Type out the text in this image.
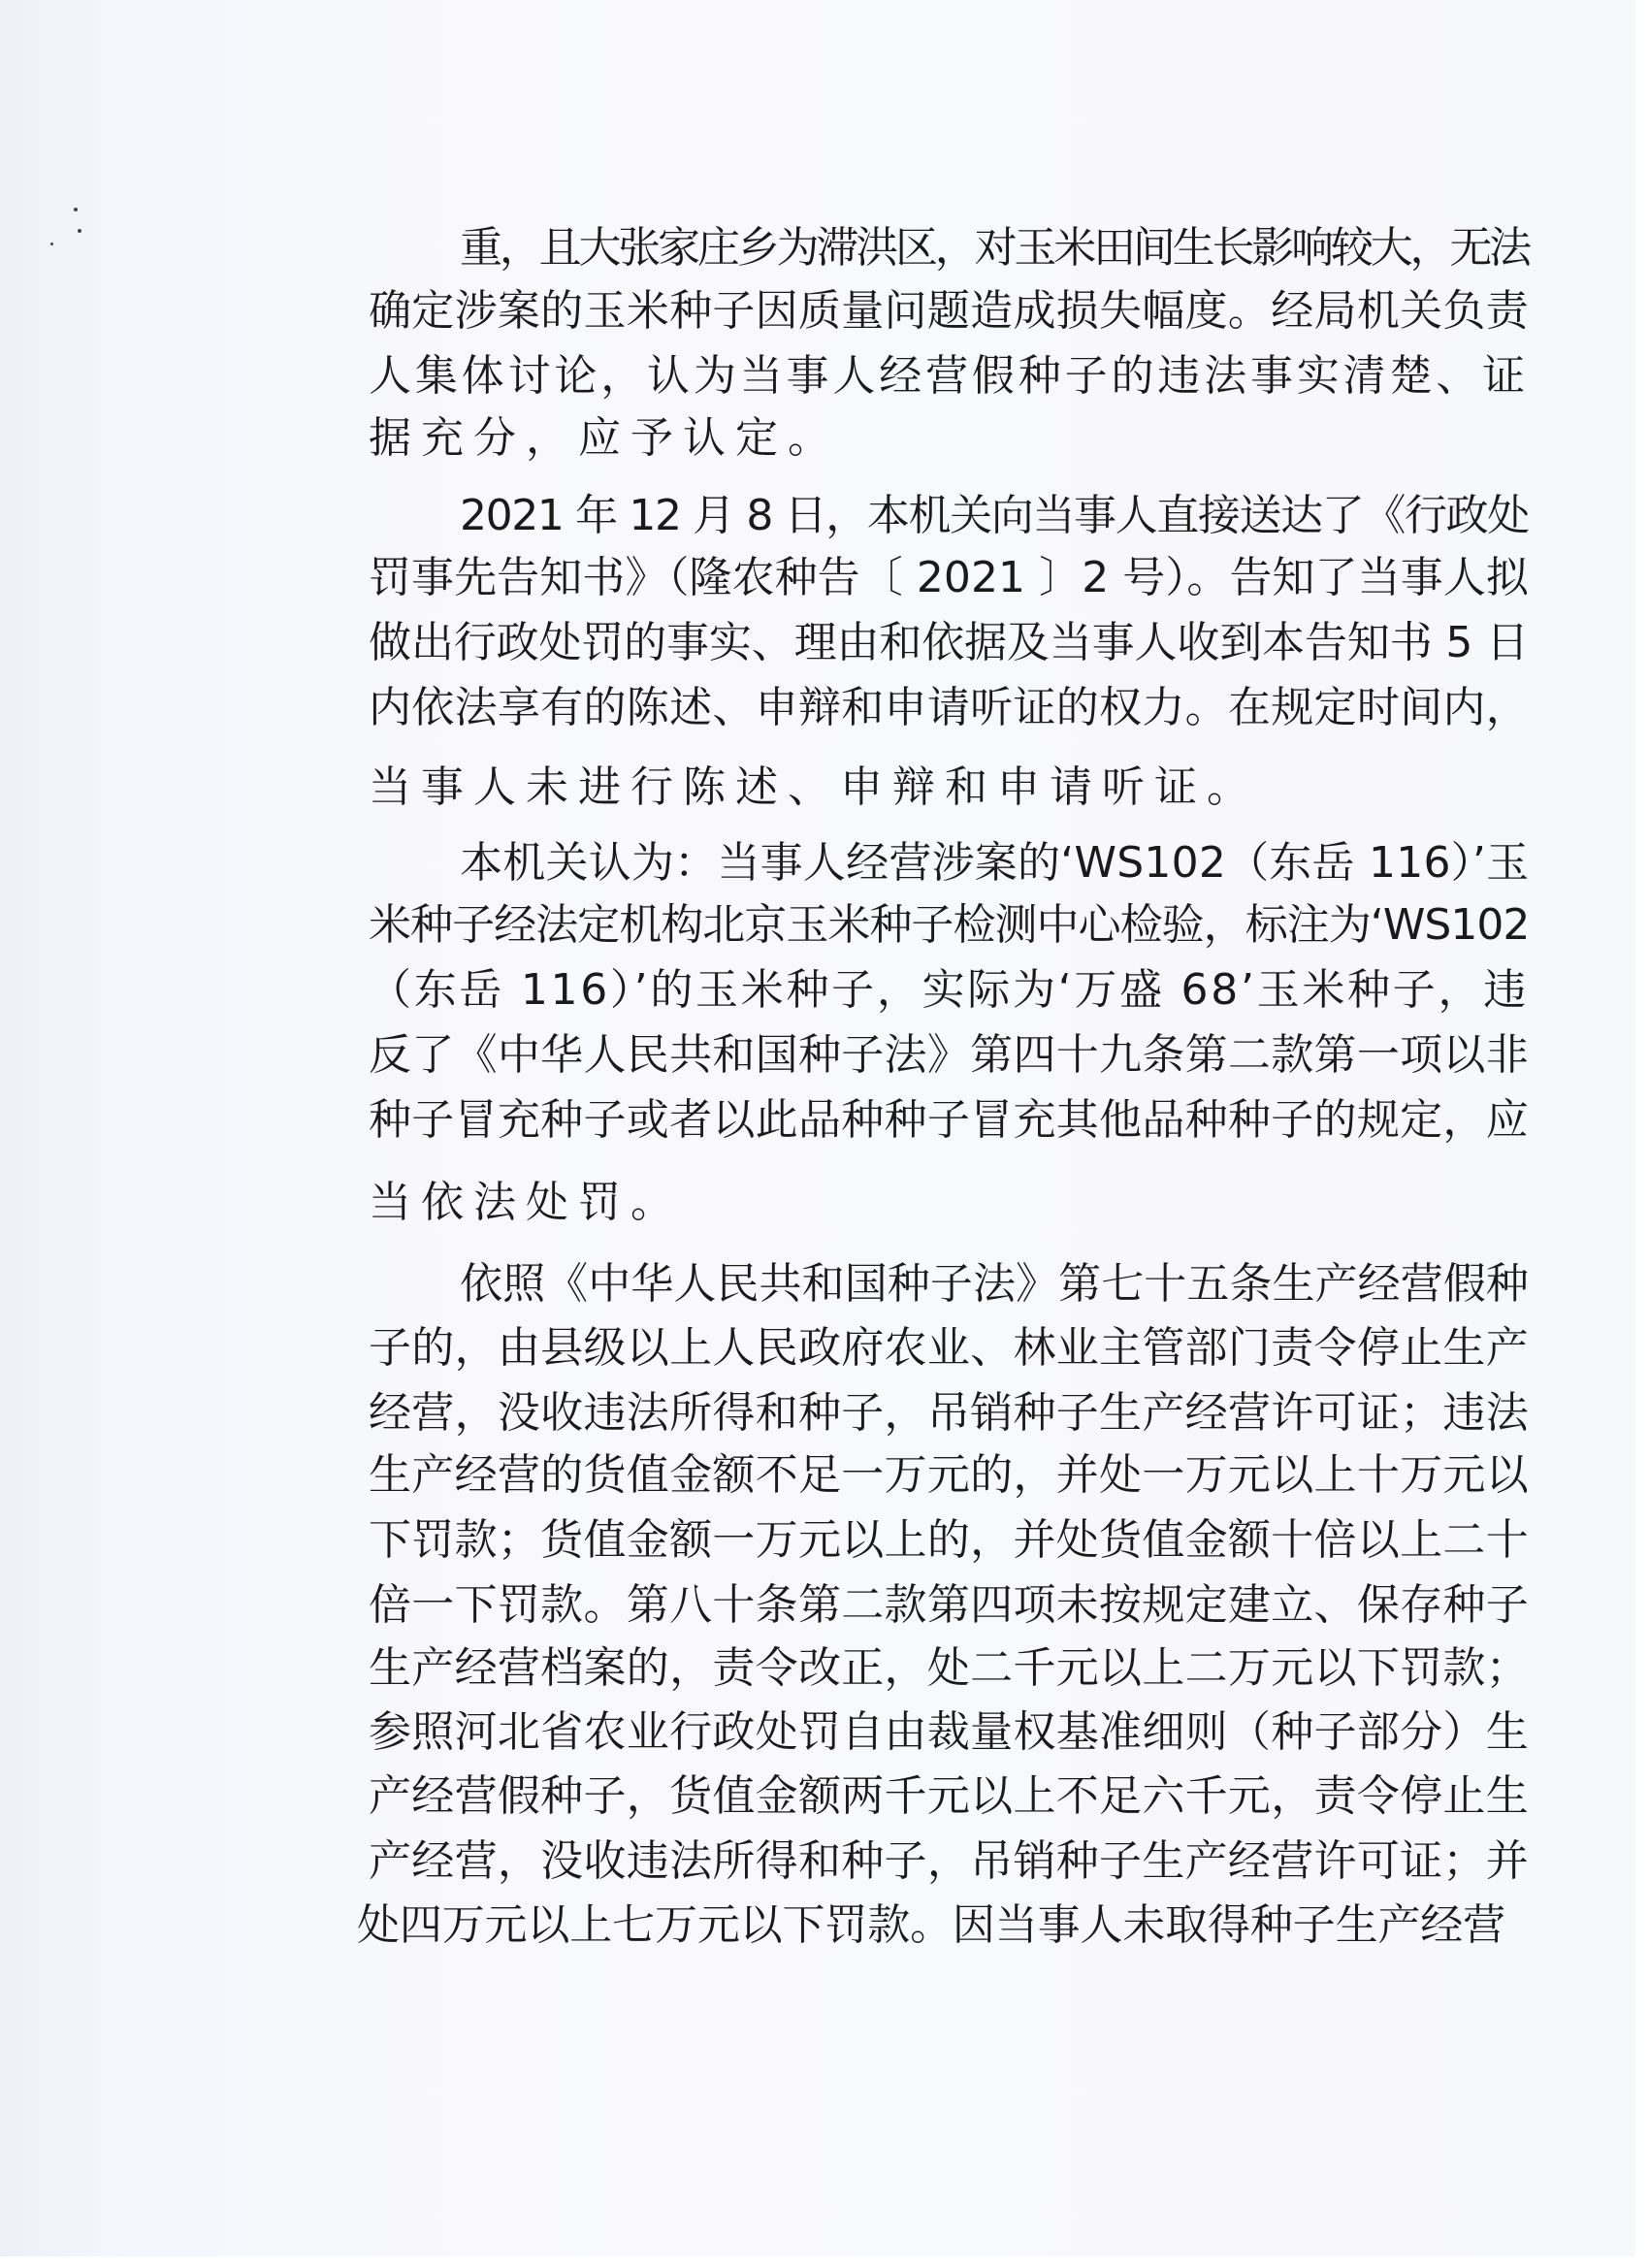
重，且大张家庄乡为滞洪区，对玉米田间生长影响较大，无法
确定涉案的玉米种子因质量问题造成损失幅度。经局机关负责
人集体讨论，认为当事人经营假种子的违法事实清楚、证
据充分，应予认定。
2021 年 12 月 8 日，本机关向当事人直接送达了《行政处
罚事先告知书》（隆农种告〔 2021 〕2 号）。告知了当事人拟
做出行政处罚的事实、理由和依据及当事人收到本告知书 5 日
内依法享有的陈述、申辩和申请听证的权力。在规定时间内，
当事人未进行陈述、申辩和申请听证。
本机关认为：当事人经营涉案的‘WS102（东岳 116）’玉
米种子经法定机构北京玉米种子检测中心检验，标注为‘WS102
（东岳 116）’的玉米种子，实际为‘万盛 68’玉米种子，违
反了《中华人民共和国种子法》第四十九条第二款第一项以非
种子冒充种子或者以此品种种子冒充其他品种种子的规定，应
当依法处罚。
依照《中华人民共和国种子法》第七十五条生产经营假种
子的，由县级以上人民政府农业、林业主管部门责令停止生产
经营，没收违法所得和种子，吊销种子生产经营许可证；违法
生产经营的货值金额不足一万元的，并处一万元以上十万元以
下罚款；货值金额一万元以上的，并处货值金额十倍以上二十
倍一下罚款。第八十条第二款第四项未按规定建立、保存种子
生产经营档案的，责令改正，处二千元以上二万元以下罚款；
参照河北省农业行政处罚自由裁量权基准细则（种子部分）生
产经营假种子，货值金额两千元以上不足六千元，责令停止生
产经营，没收违法所得和种子，吊销种子生产经营许可证；并
处四万元以上七万元以下罚款。因当事人未取得种子生产经营
